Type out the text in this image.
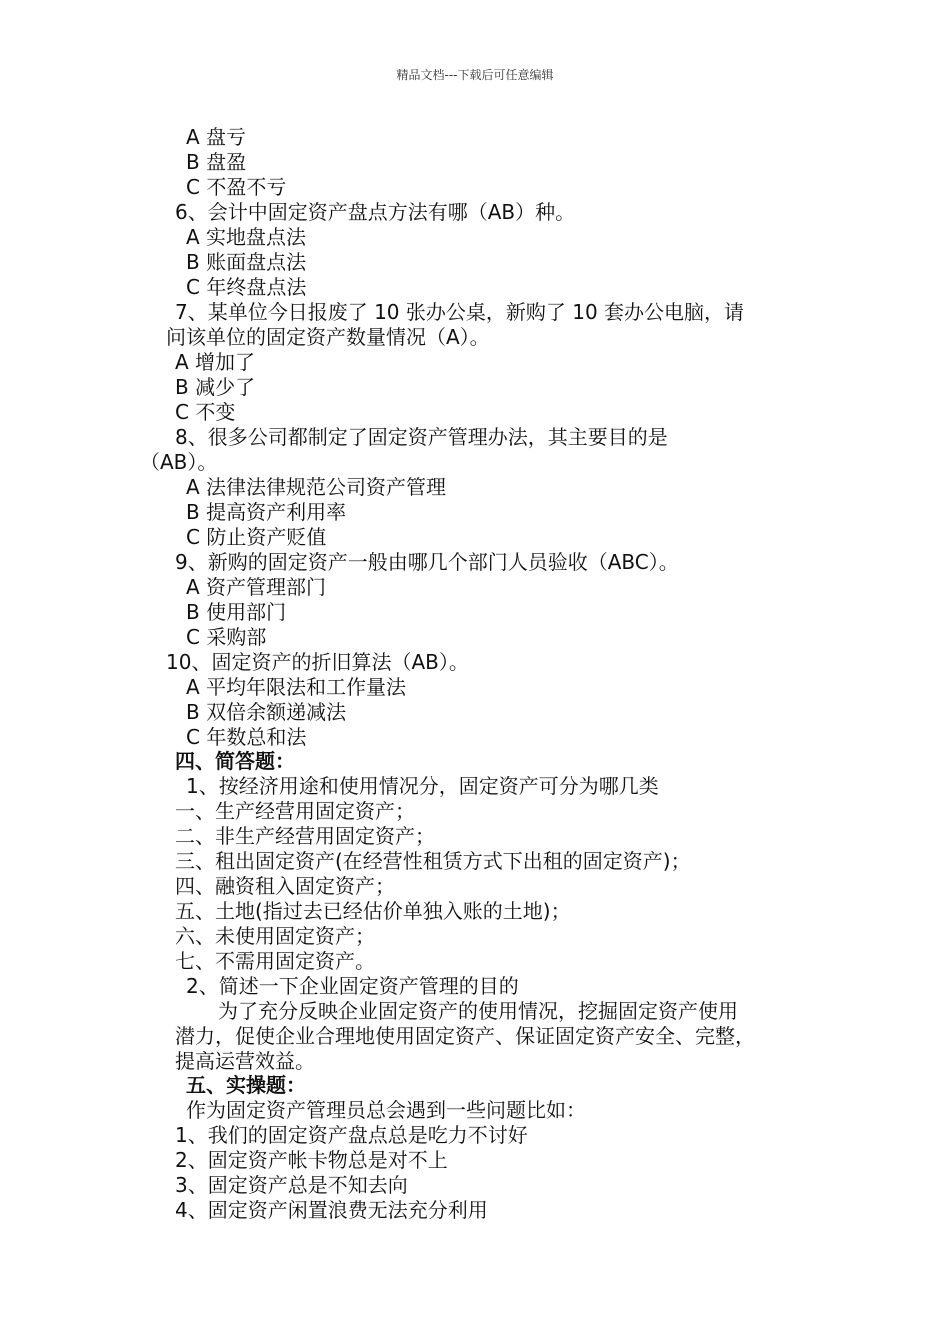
精品文档---下载后可任意编辑
A 盘亏
B 盘盈
C 不盈不亏
6、会计中固定资产盘点方法有哪（AB）种。
A 实地盘点法
B 账面盘点法
C 年终盘点法
7、某单位今日报废了 10 张办公桌，新购了 10 套办公电脑，请
问该单位的固定资产数量情况（A）。
A 增加了
B 减少了
C 不变
8、很多公司都制定了固定资产管理办法，其主要目的是
（AB）。
A 法律法律规范公司资产管理
B 提高资产利用率
C 防止资产贬值
9、新购的固定资产一般由哪几个部门人员验收（ABC）。
A 资产管理部门
B 使用部门
C 采购部
10、固定资产的折旧算法（AB）。
A 平均年限法和工作量法
B 双倍余额递减法
C 年数总和法
四、简答题：
1、按经济用途和使用情况分，固定资产可分为哪几类
一、生产经营用固定资产；
二、非生产经营用固定资产；
三、租出固定资产(在经营性租赁方式下出租的固定资产)；
四、融资租入固定资产；
五、土地(指过去已经估价单独入账的土地)；
六、未使用固定资产；
七、不需用固定资产。
2、简述一下企业固定资产管理的目的
为了充分反映企业固定资产的使用情况，挖掘固定资产使用
潜力，促使企业合理地使用固定资产、保证固定资产安全、完整，
提高运营效益。
五、实操题：
作为固定资产管理员总会遇到一些问题比如：
1、我们的固定资产盘点总是吃力不讨好
2、固定资产帐卡物总是对不上
3、固定资产总是不知去向
4、固定资产闲置浪费无法充分利用
